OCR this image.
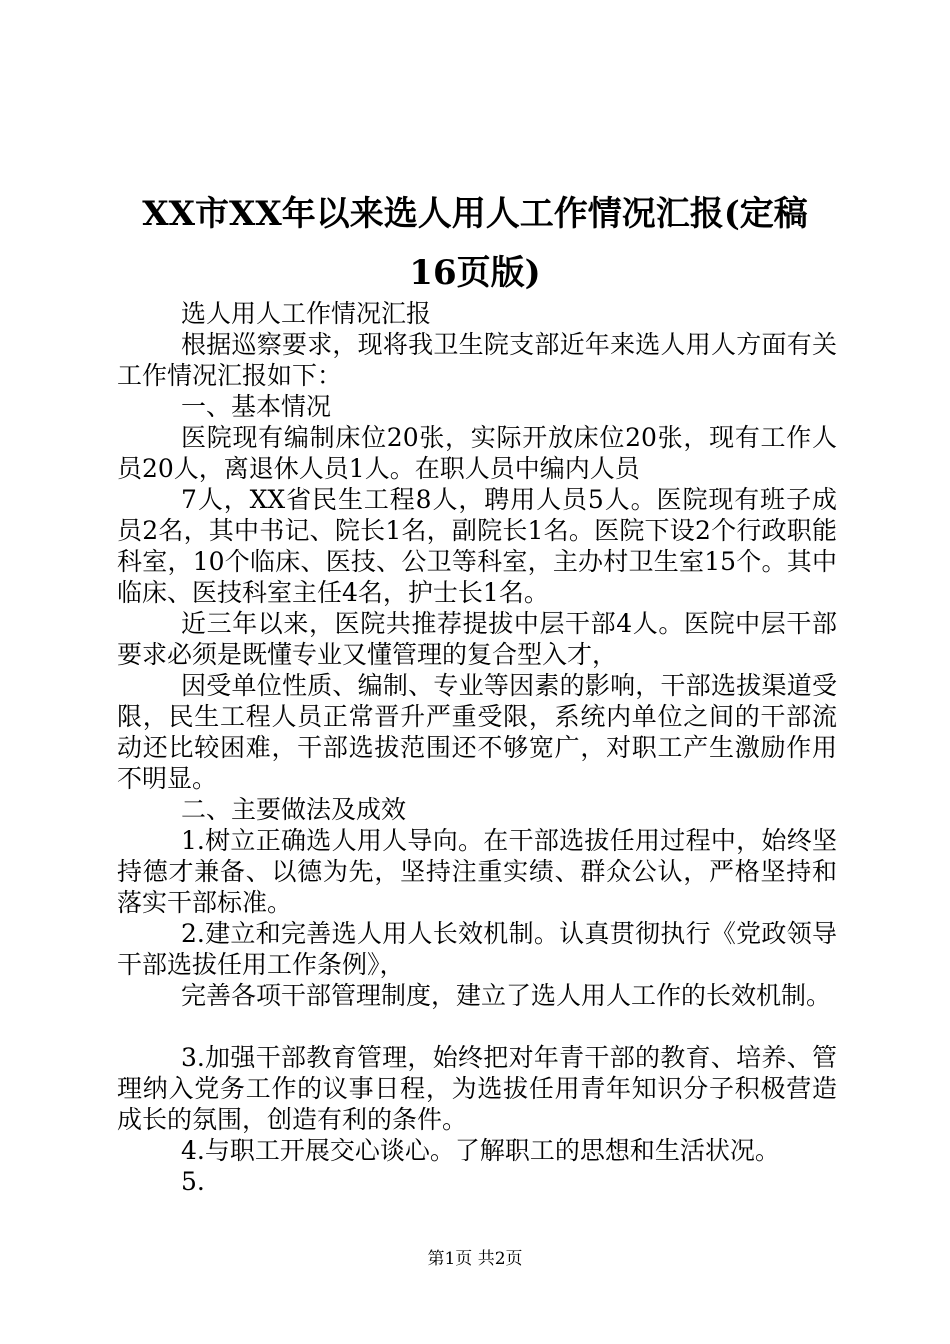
XX市XX年以来选人用人工作情况汇报(定稿
16页版)

选人用人工作情况汇报

根据巡察要求，现将我卫生院支部近年来选人用人方面有关工作情况汇报如下：

一、基本情况

医院现有编制床位20张，实际开放床位20张，现有工作人员20人，离退休人员1人。在职人员中编内人员

7人，XX省民生工程8人，聘用人员5人。医院现有班子成员2名，其中书记、院长1名，副院长1名。医院下设2个行政职能科室，10个临床、医技、公卫等科室，主办村卫生室15个。其中临床、医技科室主任4名，护士长1名。

近三年以来，医院共推荐提拔中层干部4人。医院中层干部要求必须是既懂专业又懂管理的复合型入才，

因受单位性质、编制、专业等因素的影响，干部选拔渠道受限，民生工程人员正常晋升严重受限，系统内单位之间的干部流动还比较困难，干部选拔范围还不够宽广，对职工产生激励作用不明显。

二、主要做法及成效

1.树立正确选人用人导向。在干部选拔任用过程中，始终坚持德才兼备、以德为先，坚持注重实绩、群众公认，严格坚持和落实干部标准。

2.建立和完善选人用人长效机制。认真贯彻执行《党政领导干部选拔任用工作条例》，

完善各项干部管理制度，建立了选人用人工作的长效机制。

3.加强干部教育管理，始终把对年青干部的教育、培养、管理纳入党务工作的议事日程，为选拔任用青年知识分子积极营造成长的氛围，创造有利的条件。

4.与职工开展交心谈心。了解职工的思想和生活状况。

5.

第1页 共2页
